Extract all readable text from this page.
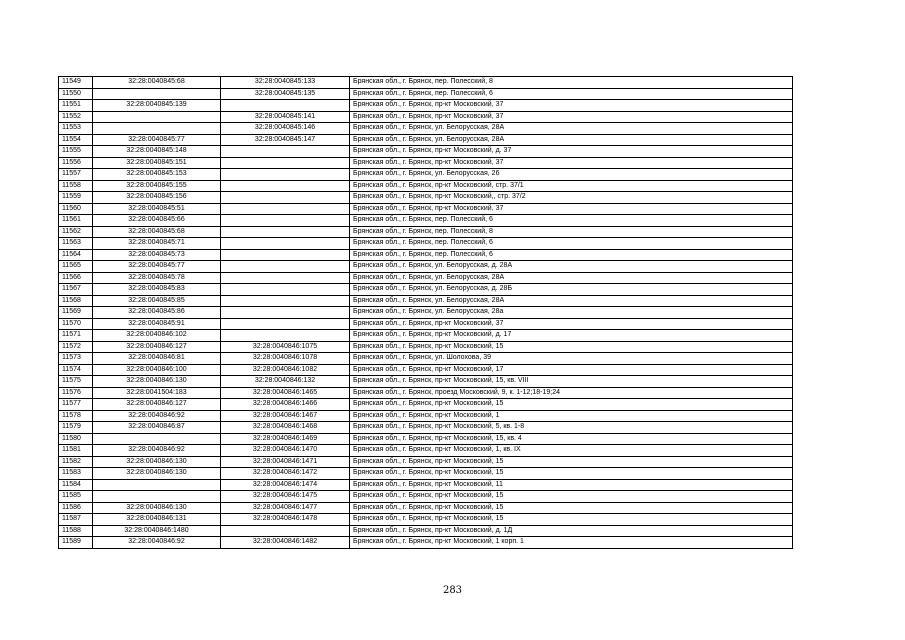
11549	32:28:0040845:68	32:28:0040845:133	Брянская обл., г. Брянск, пер. Полесский, 8
11550		32:28:0040845:135	Брянская обл., г. Брянск, пер. Полесский, 6
11551	32:28:0040845:139		Брянская обл., г. Брянск, пр-кт Московский, 37
11552		32:28:0040845:141	Брянская обл., г. Брянск, пр-кт Московский, 37
11553		32:28:0040845:146	Брянская обл., г. Брянск, ул. Белорусская, 28А
11554	32:28:0040845:77	32:28:0040845:147	Брянская обл., г. Брянск, ул. Белорусская, 28А
11555	32:28:0040845:148		Брянская обл., г. Брянск, пр-кт Московский, д. 37
11556	32:28:0040845:151		Брянская обл., г. Брянск, пр-кт Московский, 37
11557	32:28:0040845:153		Брянская обл., г. Брянск, ул. Белорусская, 26
11558	32:28:0040845:155		Брянская обл., г. Брянск, пр-кт Московский, стр. 37/1
11559	32:28:0040845:156		Брянская обл., г. Брянск, пр-кт Московский,, стр. 37/2
11560	32:28:0040845:51		Брянская обл., г. Брянск, пр-кт Московский, 37
11561	32:28:0040845:66		Брянская обл., г. Брянск, пер. Полесский, 6
11562	32:28:0040845:68		Брянская обл., г. Брянск, пер. Полесский, 8
11563	32:28:0040845:71		Брянская обл., г. Брянск, пер. Полесский, 6
11564	32:28:0040845:73		Брянская обл., г. Брянск, пер. Полесский, 6
11565	32:28:0040845:77		Брянская обл., г. Брянск, ул. Белорусская, д. 28А
11566	32:28:0040845:78		Брянская обл., г. Брянск, ул. Белорусская, 28А
11567	32:28:0040845:83		Брянская обл., г. Брянск, ул. Белорусская, д. 28Б
11568	32:28:0040845:85		Брянская обл., г. Брянск, ул. Белорусская, 28А
11569	32:28:0040845:86		Брянская обл., г. Брянск, ул. Белорусская, 28а
11570	32:28:0040845:91		Брянская обл., г. Брянск, пр-кт Московский, 37
11571	32:28:0040846:102		Брянская обл., г. Брянск, пр-кт Московский, д. 17
11572	32:28:0040846:127	32:28:0040846:1075	Брянская обл., г. Брянск, пр-кт Московский, 15
11573	32:28:0040846:81	32:28:0040846:1078	Брянская обл., г. Брянск, ул. Шолохова, 39
11574	32:28:0040846:100	32:28:0040846:1082	Брянская обл., г. Брянск, пр-кт Московский, 17
11575	32:28:0040846:130	32:28:0040846:132	Брянская обл., г. Брянск, пр-кт Московский, 15, кв. VIII
11576	32:28:0041504:183	32:28:0040846:1465	Брянская обл., г. Брянск, проезд Московский, 9, к. 1-12;18-19;24
11577	32:28:0040846:127	32:28:0040846:1466	Брянская обл., г. Брянск, пр-кт Московский, 15
11578	32:28:0040846:92	32:28:0040846:1467	Брянская обл., г. Брянск, пр-кт Московский, 1
11579	32:28:0040846:87	32:28:0040846:1468	Брянская обл., г. Брянск, пр-кт Московский, 5, кв. 1-8
11580		32:28:0040846:1469	Брянская обл., г. Брянск, пр-кт Московский, 15, кв. 4
11581	32:28:0040846:92	32:28:0040846:1470	Брянская обл., г. Брянск, пр-кт Московский, 1, кв. IX
11582	32:28:0040846:130	32:28:0040846:1471	Брянская обл., г. Брянск, пр-кт Московский, 15
11583	32:28:0040846:130	32:28:0040846:1472	Брянская обл., г. Брянск, пр-кт Московский, 15
11584		32:28:0040846:1474	Брянская обл., г. Брянск, пр-кт Московский, 11
11585		32:28:0040846:1475	Брянская обл., г. Брянск, пр-кт Московский, 15
11586	32:28:0040846:130	32:28:0040846:1477	Брянская обл., г. Брянск, пр-кт Московский, 15
11587	32:28:0040846:131	32:28:0040846:1478	Брянская обл., г. Брянск, пр-кт Московский, 15
11588	32:28:0040846:1480		Брянская обл., г. Брянск, пр-кт Московский, д. 1Д
11589	32:28:0040846:92	32:28:0040846:1482	Брянская обл., г. Брянск, пр-кт Московский, 1 корп. 1
283
